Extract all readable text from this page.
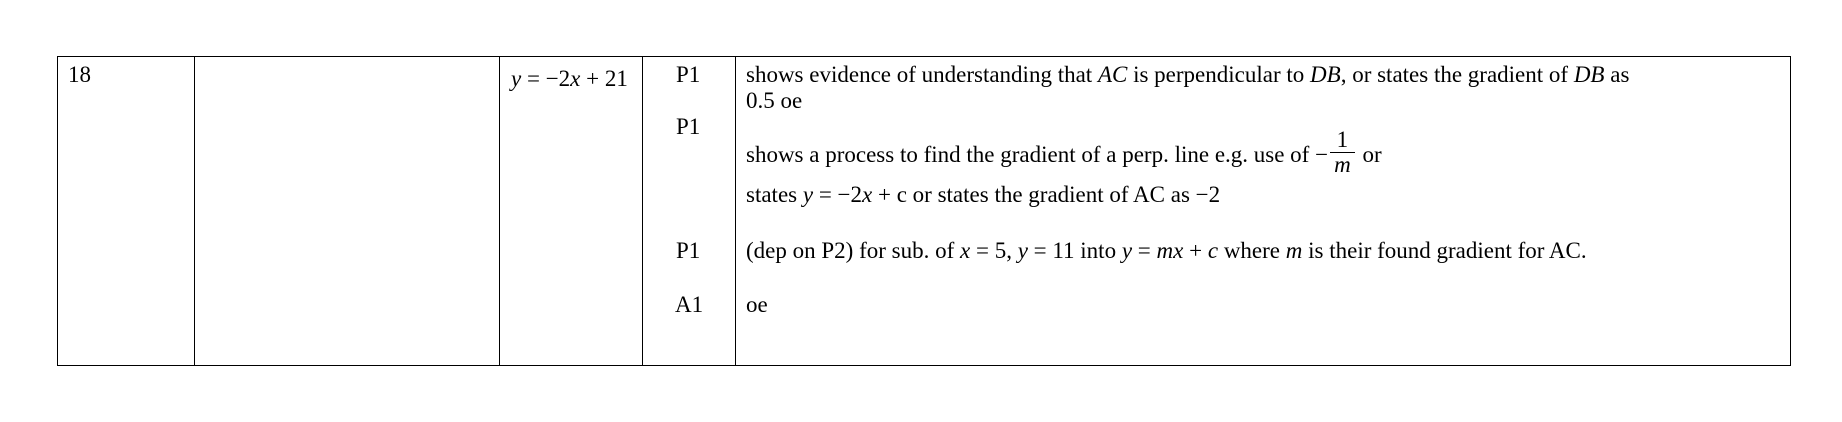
18	y = −2x + 21 P1
P1
P1
A1
shows evidence of understanding that AC is perpendicular to DB, or states the gradient of DB as
0.5 oe
shows a process to find the gradient of a perp. line e.g. use of − $\frac{1}{m}$ or
states y = −2x + c or states the gradient of AC as −2
(dep on P2) for sub. of x = 5, y = 11 into y = mx + c where m is their found gradient for AC.
oe
